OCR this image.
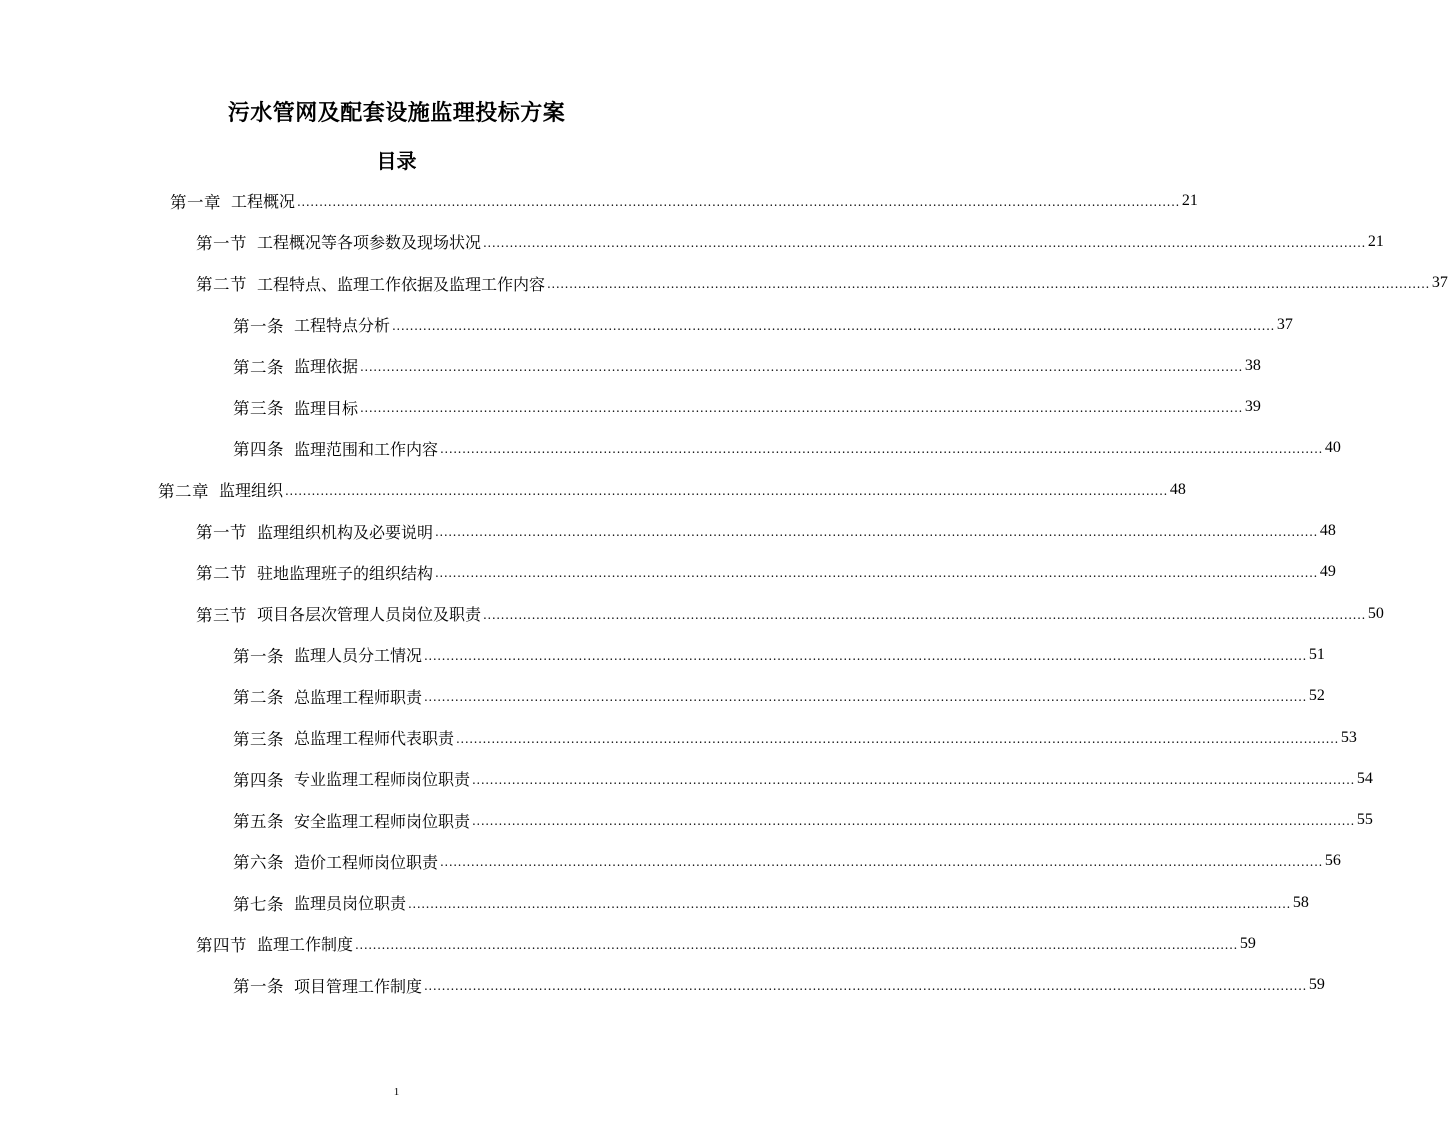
污水管网及配套设施监理投标方案
目录
第一章 工程概况 ........................................................................................................................................................................................................ 21
第一节 工程概况等各项参数及现场状况 ........................................................................................................................................................................................................ 21
第二节 工程特点、监理工作依据及监理工作内容 ........................................................................................................................................................................................................ 37
第一条 工程特点分析 ........................................................................................................................................................................................................ 37
第二条 监理依据 ........................................................................................................................................................................................................ 38
第三条 监理目标 ........................................................................................................................................................................................................ 39
第四条 监理范围和工作内容 ........................................................................................................................................................................................................ 40
第二章 监理组织 ........................................................................................................................................................................................................ 48
第一节 监理组织机构及必要说明 ........................................................................................................................................................................................................ 48
第二节 驻地监理班子的组织结构 ........................................................................................................................................................................................................ 49
第三节 项目各层次管理人员岗位及职责 ........................................................................................................................................................................................................ 50
第一条 监理人员分工情况 ........................................................................................................................................................................................................ 51
第二条 总监理工程师职责 ........................................................................................................................................................................................................ 52
第三条 总监理工程师代表职责 ........................................................................................................................................................................................................ 53
第四条 专业监理工程师岗位职责 ........................................................................................................................................................................................................ 54
第五条 安全监理工程师岗位职责 ........................................................................................................................................................................................................ 55
第六条 造价工程师岗位职责 ........................................................................................................................................................................................................ 56
第七条 监理员岗位职责 ........................................................................................................................................................................................................ 58
第四节 监理工作制度 ........................................................................................................................................................................................................ 59
第一条 项目管理工作制度 ........................................................................................................................................................................................................ 59
1
